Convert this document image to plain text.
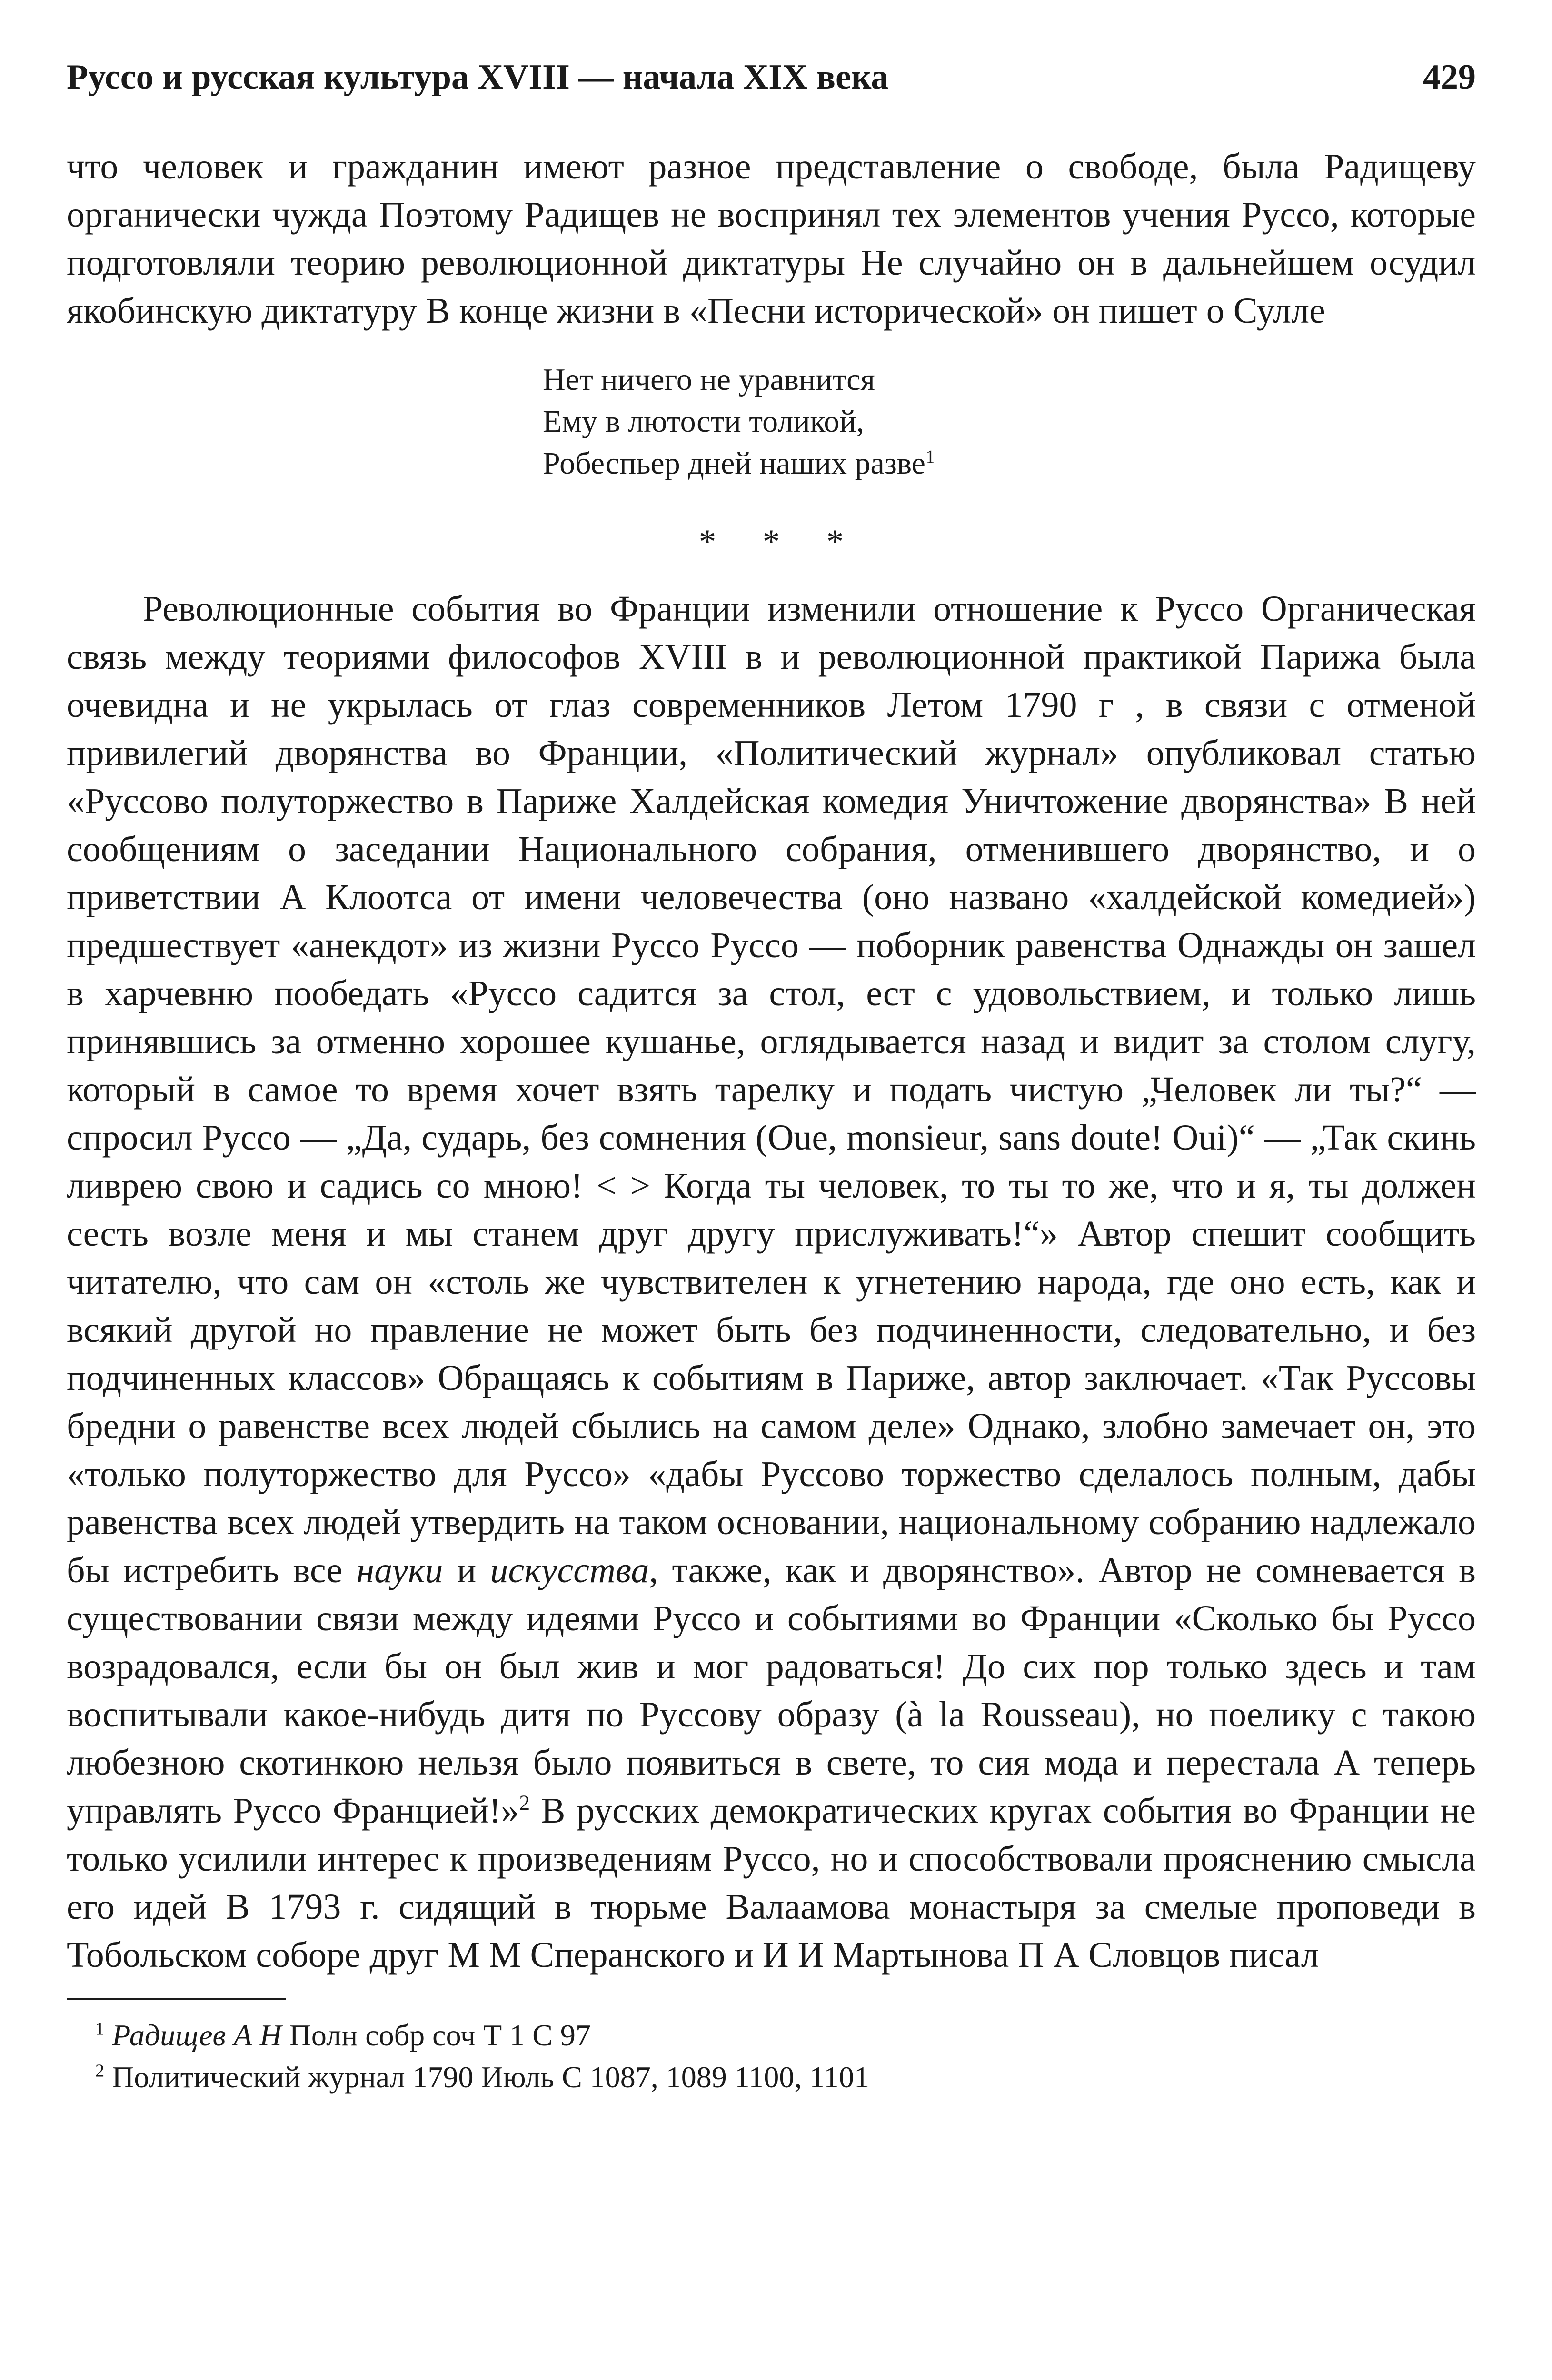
Руссо и русская культура XVIII — начала XIX века	429

что человек и гражданин имеют разное представление о свободе, была Радищеву органически чужда Поэтому Радищев не воспринял тех элементов учения Руссо, которые подготовляли теорию революционной диктатуры Не случайно он в дальнейшем осудил якобинскую диктатуру В конце жизни в «Песни исторической» он пишет о Сулле

Нет ничего не уравнится
Ему в лютости толикой,
Робеспьер дней наших разве$^1$
* * *

Революционные события во Франции изменили отношение к Руссо Органическая связь между теориями философов XVIII в и революционной практикой Парижа была очевидна и не укрылась от глаз современников Летом 1790 г , в связи с отменой привилегий дворянства во Франции, «Политический журнал» опубликовал статью «Руссово полуторжество в Париже Халдейская комедия Уничтожение дворянства» В ней сообщениям о заседании Национального собрания, отменившего дворянство, и о приветствии А Клоотса от имени человечества (оно названо «халдейской комедией») предшествует «анекдот» из жизни Руссо Руссо — поборник равенства Однажды он зашел в харчевню пообедать «Руссо садится за стол, ест с удовольствием, и только лишь принявшись за отменно хорошее кушанье, оглядывается назад и видит за столом слугу, который в самое то время хочет взять тарелку и подать чистую „Человек ли ты?“ — спросил Руссо — „Да, сударь, без сомнения (Oue, monsieur, sans doute! Oui)“ — „Так скинь ливрею свою и садись со мною! < > Когда ты человек, то ты то же, что и я, ты должен сесть возле меня и мы станем друг другу прислуживать!“» Автор спешит сообщить читателю, что сам он «столь же чувствителен к угнетению народа, где оно есть, как и всякий другой но правление не может быть без подчиненности, следовательно, и без подчиненных классов» Обращаясь к событиям в Париже, автор заключает. «Так Руссовы бредни о равенстве всех людей сбылись на самом деле» Однако, злобно замечает он, это «только полуторжество для Руссо» «дабы Руссово торжество сделалось полным, дабы равенства всех людей утвердить на таком основании, национальному собранию надлежало бы истребить все науки и искусства, также, как и дворянство». Автор не сомневается в существовании связи между идеями Руссо и событиями во Франции «Сколько бы Руссо возрадовался, если бы он был жив и мог радоваться! До сих пор только здесь и там воспитывали какое-нибудь дитя по Руссову образу (à la Rousseau), но поелику с такою любезною скотинкою нельзя было появиться в свете, то сия мода и перестала А теперь управлять Руссо Францией!»$^2$ В русских демократических кругах события во Франции не только усилили интерес к произведениям Руссо, но и способствовали прояснению смысла его идей В 1793 г. сидящий в тюрьме Валаамова монастыря за смелые проповеди в Тобольском соборе друг М М Сперанского и И И Мартынова П А Словцов писал

$^1$ Радищев А Н Полн собр соч Т 1 С 97
$^2$ Политический журнал 1790 Июль С 1087, 1089 1100, 1101
